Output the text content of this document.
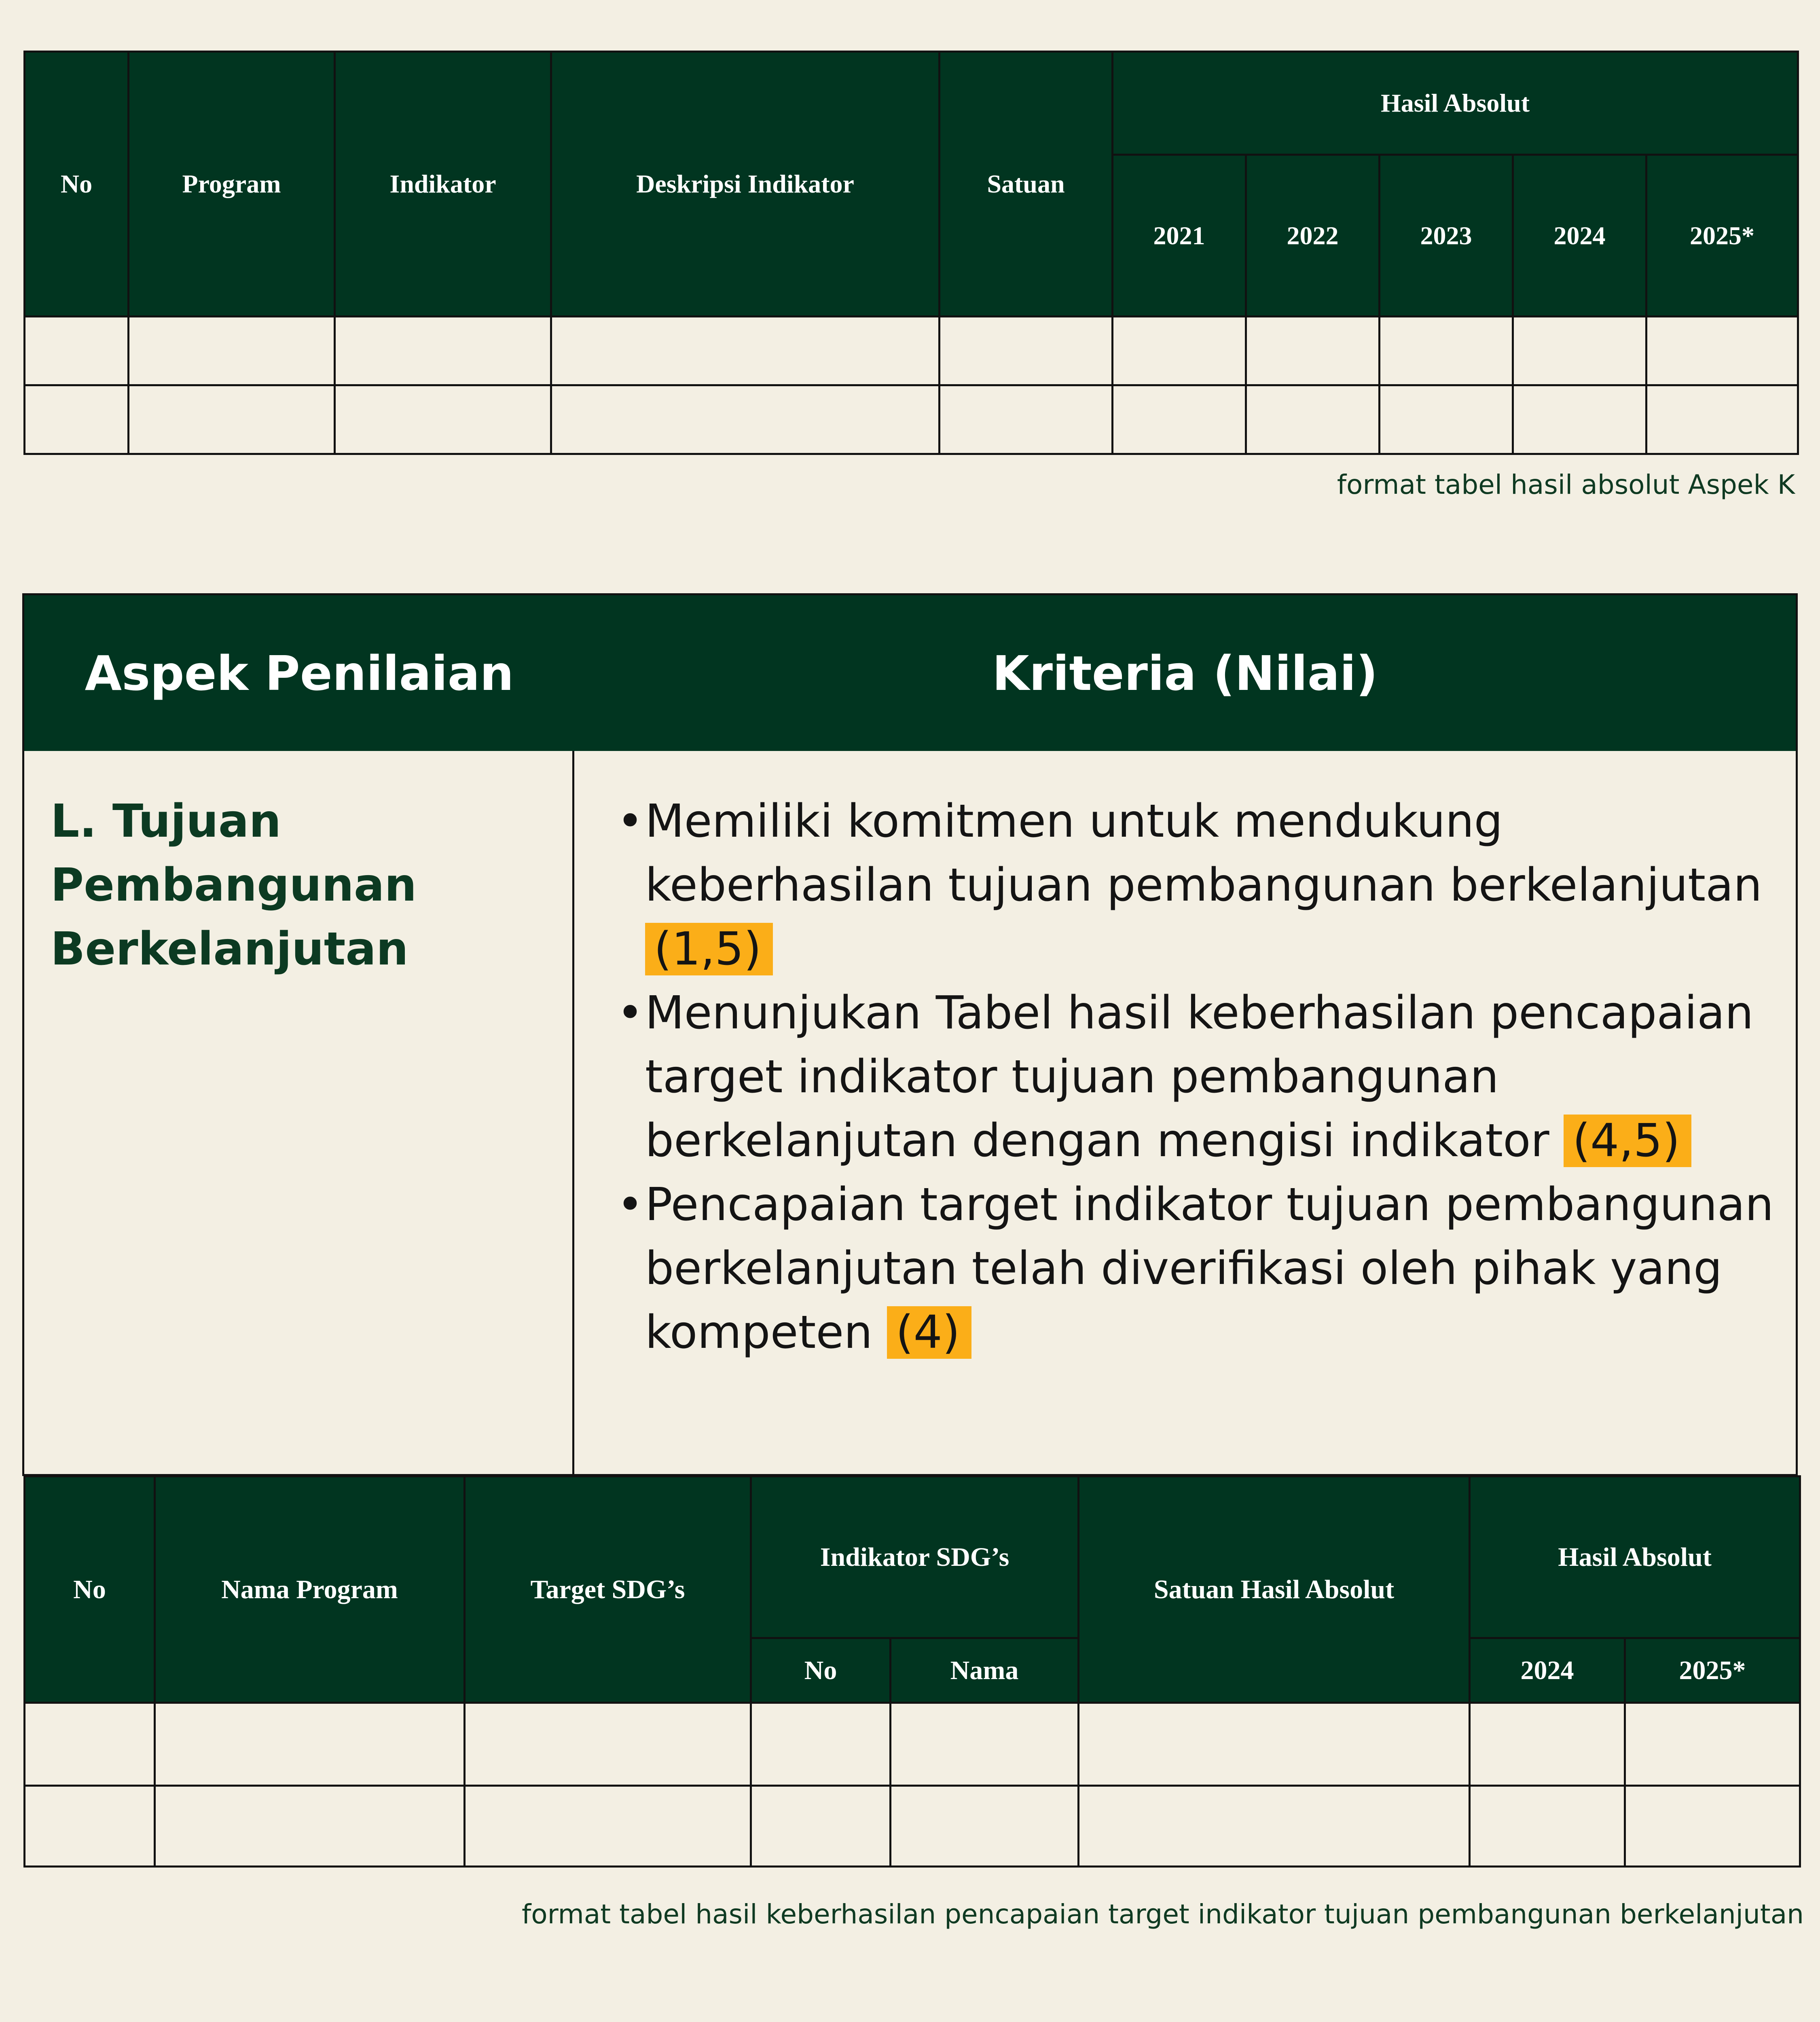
No	Program	Indikator	Deskripsi Indikator	Satuan	Hasil Absolut				
					2021	2022	2023	2024	2025*

format tabel hasil absolut Aspek K
Aspek Penilaian	Kriteria (Nilai)
L. Tujuan Pembangunan Berkelanjutan
• Memiliki komitmen untuk mendukung keberhasilan tujuan pembangunan berkelanjutan (1,5)
• Menunjukan Tabel hasil keberhasilan pencapaian target indikator tujuan pembangunan berkelanjutan dengan mengisi indikator (4,5)
• Pencapaian target indikator tujuan pembangunan berkelanjutan telah diverifikasi oleh pihak yang kompeten (4)
No	Nama Program	Target SDG’s	Indikator SDG’s		Satuan Hasil Absolut	Hasil Absolut	
			No	Nama		2024	2025*

format tabel hasil keberhasilan pencapaian target indikator tujuan pembangunan berkelanjutan
